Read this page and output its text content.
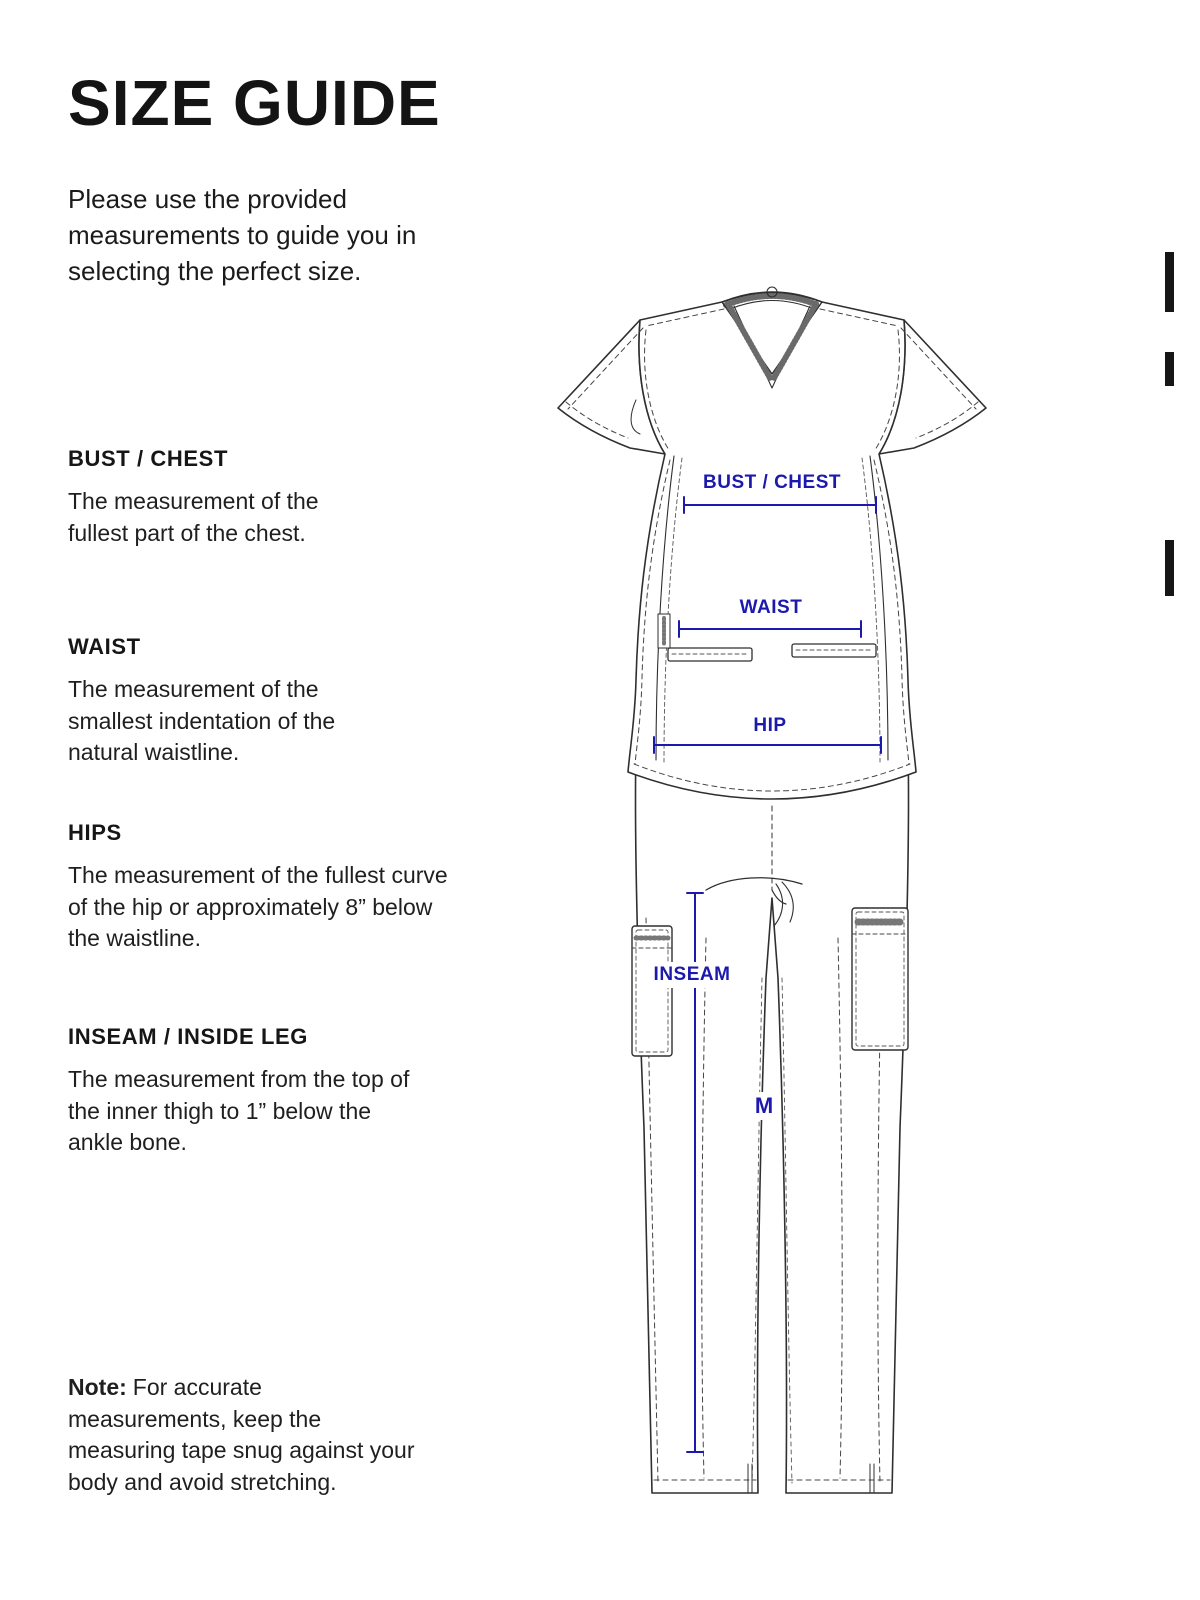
SIZE GUIDE
Please use the provided measurements to guide you in selecting the perfect size.
BUST / CHEST

The measurement of the fullest part of the chest.

WAIST

The measurement of the smallest indentation of the natural waistline.

HIPS

The measurement of the fullest curve of the hip or approximately 8” below the waistline.

INSEAM / INSIDE LEG

The measurement from the top of the inner thigh to 1” below the ankle bone.

Note: For accurate measurements, keep the measuring tape snug against your body and avoid stretching.
BUST / CHEST
WAIST
HIP
INSEAM
M
